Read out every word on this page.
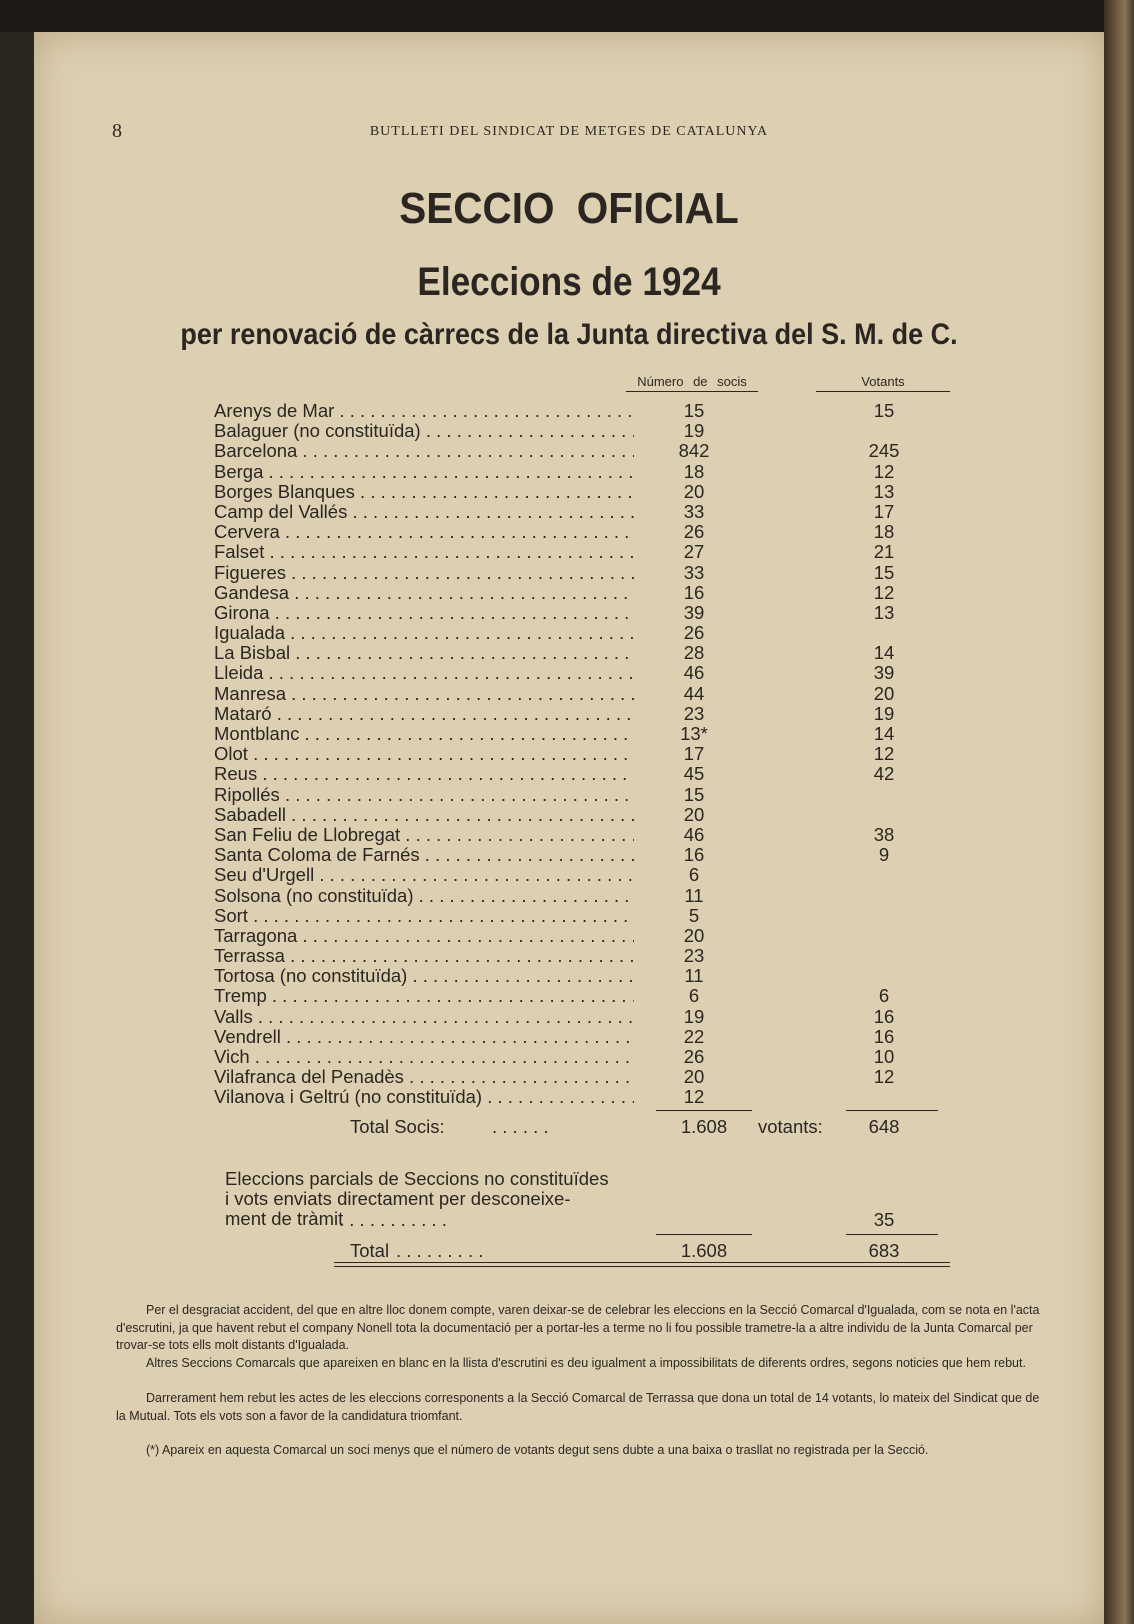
8	BUTLLETI DEL SINDICAT DE METGES DE CATALUNYA
SECCIO OFICIAL
Eleccions de 1924
per renovació de càrrecs de la Junta directiva del S. M. de C.
Número de socis	Votants
Arenys de Mar . . .	15	15
Balaguer (no constituïda) . . .	19
Barcelona . . .	842	245
Berga . . .	18	12
Borges Blanques . . .	20	13
Camp del Vallés . . .	33	17
Cervera . . .	26	18
Falset . . .	27	21
Figueres . . .	33	15
Gandesa . . .	16	12
Girona . . .	39	13
Igualada . . .	26
La Bisbal . . .	28	14
Lleida . . .	46	39
Manresa . . .	44	20
Mataró . . .	23	19
Montblanc . . .	13*	14
Olot . . .	17	12
Reus . . .	45	42
Ripollés . . .	15
Sabadell . . .	20
San Feliu de Llobregat . . .	46	38
Santa Coloma de Farnés . . .	16	9
Seu d'Urgell . . .	6
Solsona (no constituïda) . . .	11
Sort . . .	5
Tarragona . . .	20
Terrassa . . .	23
Tortosa (no constituïda) . . .	11
Tremp . . .	6	6
Valls . . .	19	16
Vendrell . . .	22	16
Vich . . .	26	10
Vilafranca del Penadès . . .	20	12
Vilanova i Geltrú (no constituïda) . . .	12
Total Socis:	. . . . . .	1.608	votants:	648
Eleccions parcials de Seccions no constituïdes
i vots enviats directament per desconeixe-
ment de tràmit
. . . . . . . . . . .	35
Total . . . . . . . . .	1.608	683
Per el desgraciat accident, del que en altre lloc donem compte, varen deixar-se de celebrar les eleccions en la Secció Comarcal d'Igualada, com se nota en l'acta d'escrutini, ja que havent rebut el company Nonell tota la documentació per a portar-les a terme no li fou possible trametre-la a altre individu de la Junta Comarcal per trovar-se tots ells molt distants d'Igualada.
Altres Seccions Comarcals que apareixen en blanc en la llista d'escrutini es deu igualment a impossibilitats de diferents ordres, segons noticies que hem rebut.
Darrerament hem rebut les actes de les eleccions corresponents a la Secció Comarcal de Terrassa que dona un total de 14 votants, lo mateix del Sindicat que de la Mutual. Tots els vots son a favor de la candidatura triomfant.
(*) Apareix en aquesta Comarcal un soci menys que el número de votants degut sens dubte a una baixa o trasllat no registrada per la Secció.
